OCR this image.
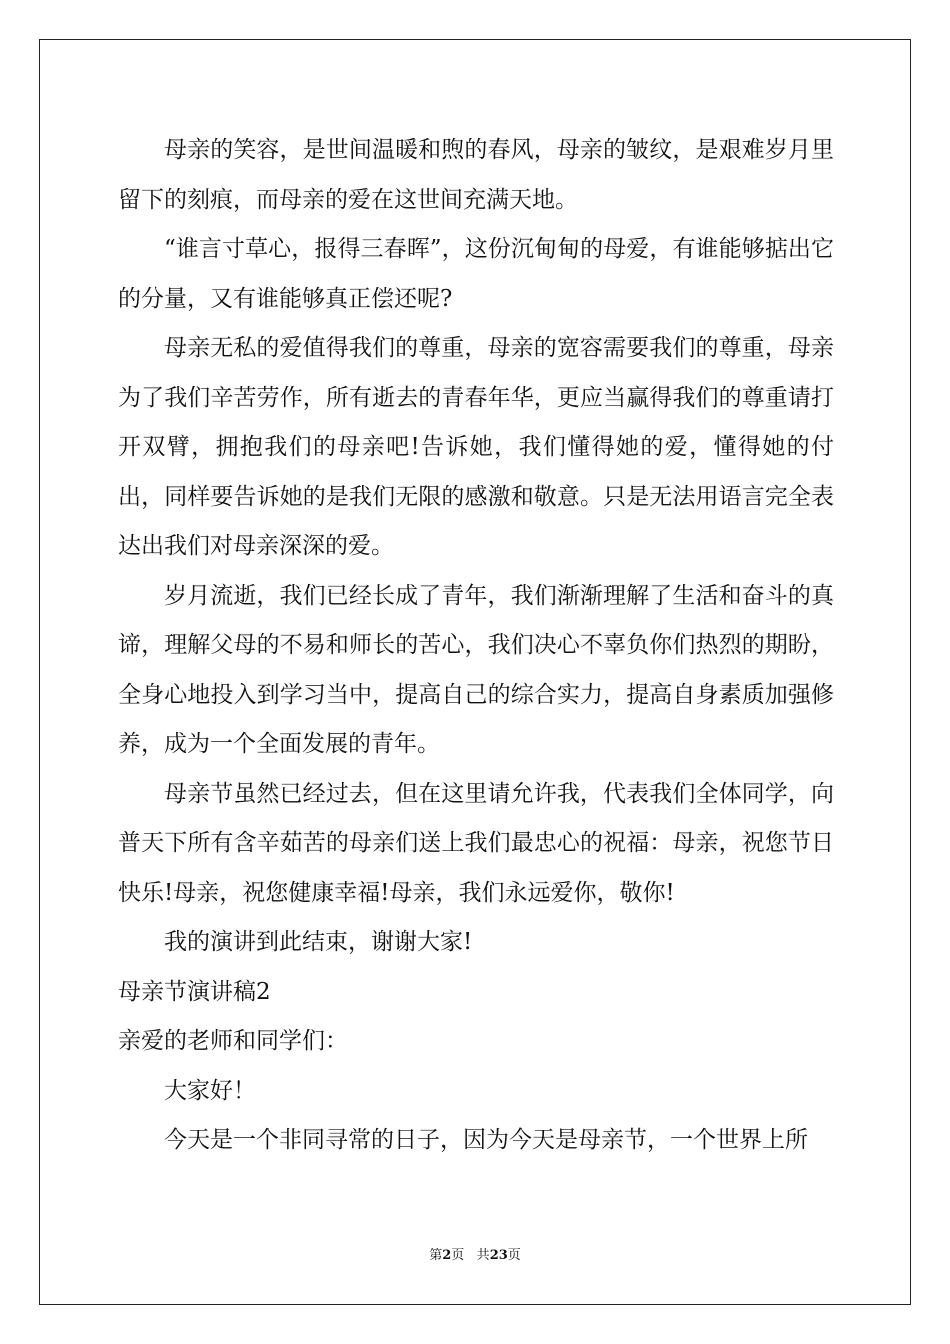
母亲的笑容，是世间温暖和煦的春风，母亲的皱纹，是艰难岁月里留下的刻痕，而母亲的爱在这世间充满天地。

“谁言寸草心，报得三春晖”，这份沉甸甸的母爱，有谁能够掂出它的分量，又有谁能够真正偿还呢?

母亲无私的爱值得我们的尊重，母亲的宽容需要我们的尊重，母亲为了我们辛苦劳作，所有逝去的青春年华，更应当赢得我们的尊重请打开双臂，拥抱我们的母亲吧!告诉她，我们懂得她的爱，懂得她的付出，同样要告诉她的是我们无限的感激和敬意。只是无法用语言完全表达出我们对母亲深深的爱。

岁月流逝，我们已经长成了青年，我们渐渐理解了生活和奋斗的真谛，理解父母的不易和师长的苦心，我们决心不辜负你们热烈的期盼，全身心地投入到学习当中，提高自己的综合实力，提高自身素质加强修养，成为一个全面发展的青年。

母亲节虽然已经过去，但在这里请允许我，代表我们全体同学，向普天下所有含辛茹苦的母亲们送上我们最忠心的祝福：母亲，祝您节日快乐!母亲，祝您健康幸福!母亲，我们永远爱你，敬你!

我的演讲到此结束，谢谢大家!

母亲节演讲稿2

亲爱的老师和同学们：

大家好！

今天是一个非同寻常的日子，因为今天是母亲节，一个世界上所

第2页 共23页
